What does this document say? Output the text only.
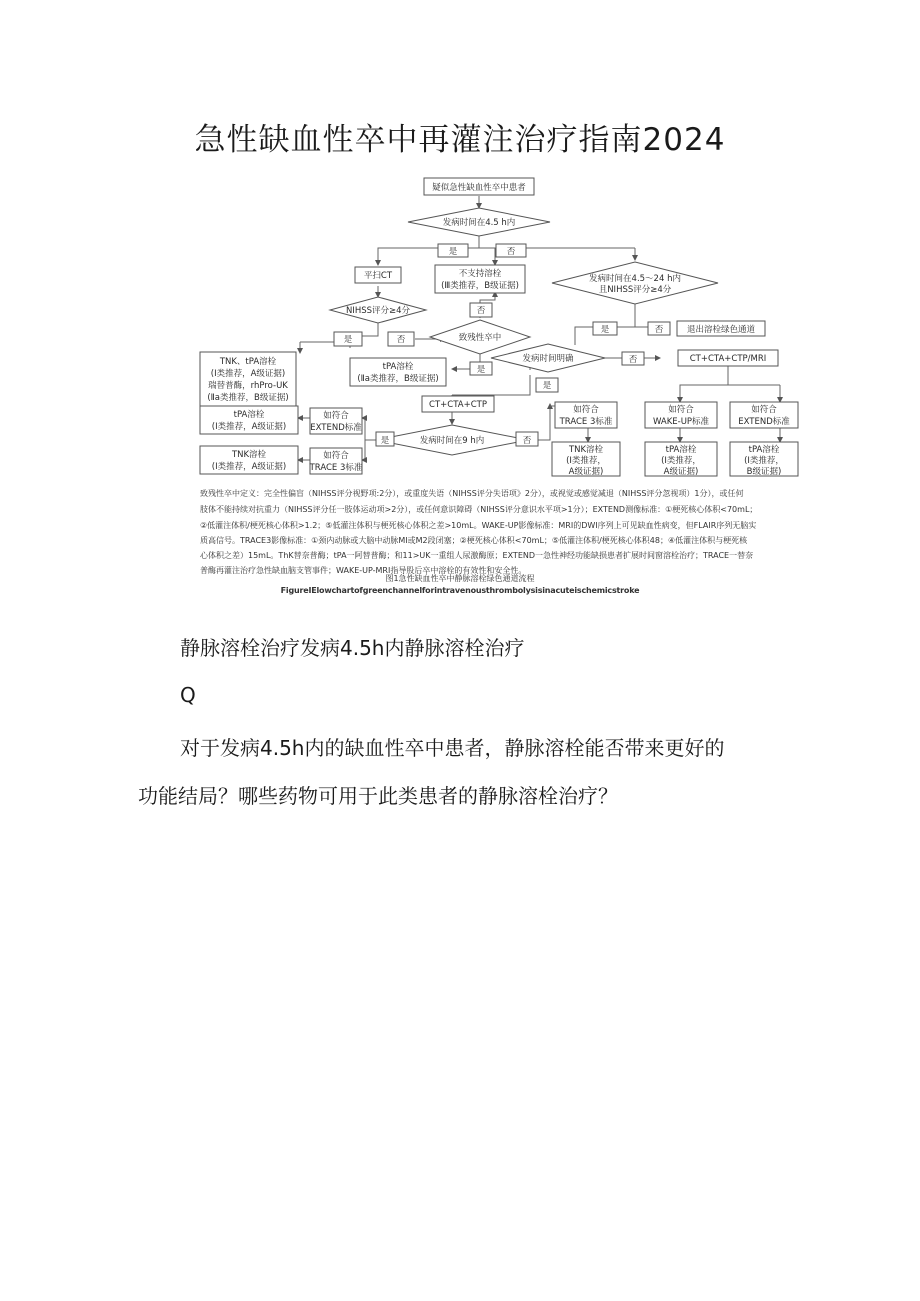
急性缺血性卒中再灌注治疗指南2024
疑似急性缺血性卒中患者
发病时间在4.5 h内
是	否
平扫CT	不支持溶栓
(Ⅲ类推荐，B级证据)
发病时间在4.5～24 h内
且NIHSS评分≥4分
NIHSS评分≥4分	否
致残性卒中
是	否
是	否	退出溶栓绿色通道
TNK、tPA溶栓
(Ⅰ类推荐，A级证据)
瑞替普酶，rhPro-UK
(Ⅱa类推荐，B级证据)
tPA溶栓
(Ⅱa类推荐，B级证据)
是
发病时间明确	否	CT+CTA+CTP/MRI
是
CT+CTA+CTP
tPA溶栓
(Ⅰ类推荐，A级证据)
如符合
EXTEND标准
发病时间在9 h内
是	否
TNK溶栓
(Ⅰ类推荐，A级证据)
如符合
TRACE 3标准
如符合
TRACE 3标准
TNK溶栓
(Ⅰ类推荐，
A级证据)
如符合
WAKE-UP标准
tPA溶栓
(Ⅰ类推荐，
A级证据)
如符合
EXTEND标准
tPA溶栓
(Ⅰ类推荐，
B级证据)
致残性卒中定义：完全性偏盲（NIHSS评分视野项:2分），或重度失语（NIHSS评分失语项》2分），或视觉或感觉减退（NIHSS评分忽视项）1分），或任何
肢体不能持续对抗重力（NIHSS评分任一肢体运动项>2分），或任何意识障碍（NIHSS评分意识水平项>1分）；EXTEND测像标准：①梗死核心体积<70mL；
②低灌注体积/梗死核心体积>1.2；⑤低灌注体积与梗死核心体积之差>10mL。WAKE-UP影像标准：MRI的DWI序列上可见缺血性病变，但FLAIR序列无脑实
质高信号。TRACE3影像标准：①颈内动脉或大脑中动脉MI或M2段闭塞；②梗死核心体积<70mL；⑤低灌注体积/梗死核心体积48；④低灌注体积与梗死核
心体积之差）15mL。ThK替奈普酶；tPA一阿替普酶；和11>UK一重组人尿激酶原；EXTEND一急性神经功能缺损患者扩展时间窗溶栓治疗；TRACE一替奈
普酶再灌注治疗急性缺血脑支管事件；WAKE-UP-MRI指导股后卒中溶栓的有效性和安全性。
图1急性缺血性卒中静脉溶栓绿色通道流程
FigureIElowchartofgreenchannelforintravenousthrombolysisinacuteischemicstroke
静脉溶栓治疗发病4.5h内静脉溶栓治疗
Q
对于发病4.5h内的缺血性卒中患者，静脉溶栓能否带来更好的
功能结局？哪些药物可用于此类患者的静脉溶栓治疗？
